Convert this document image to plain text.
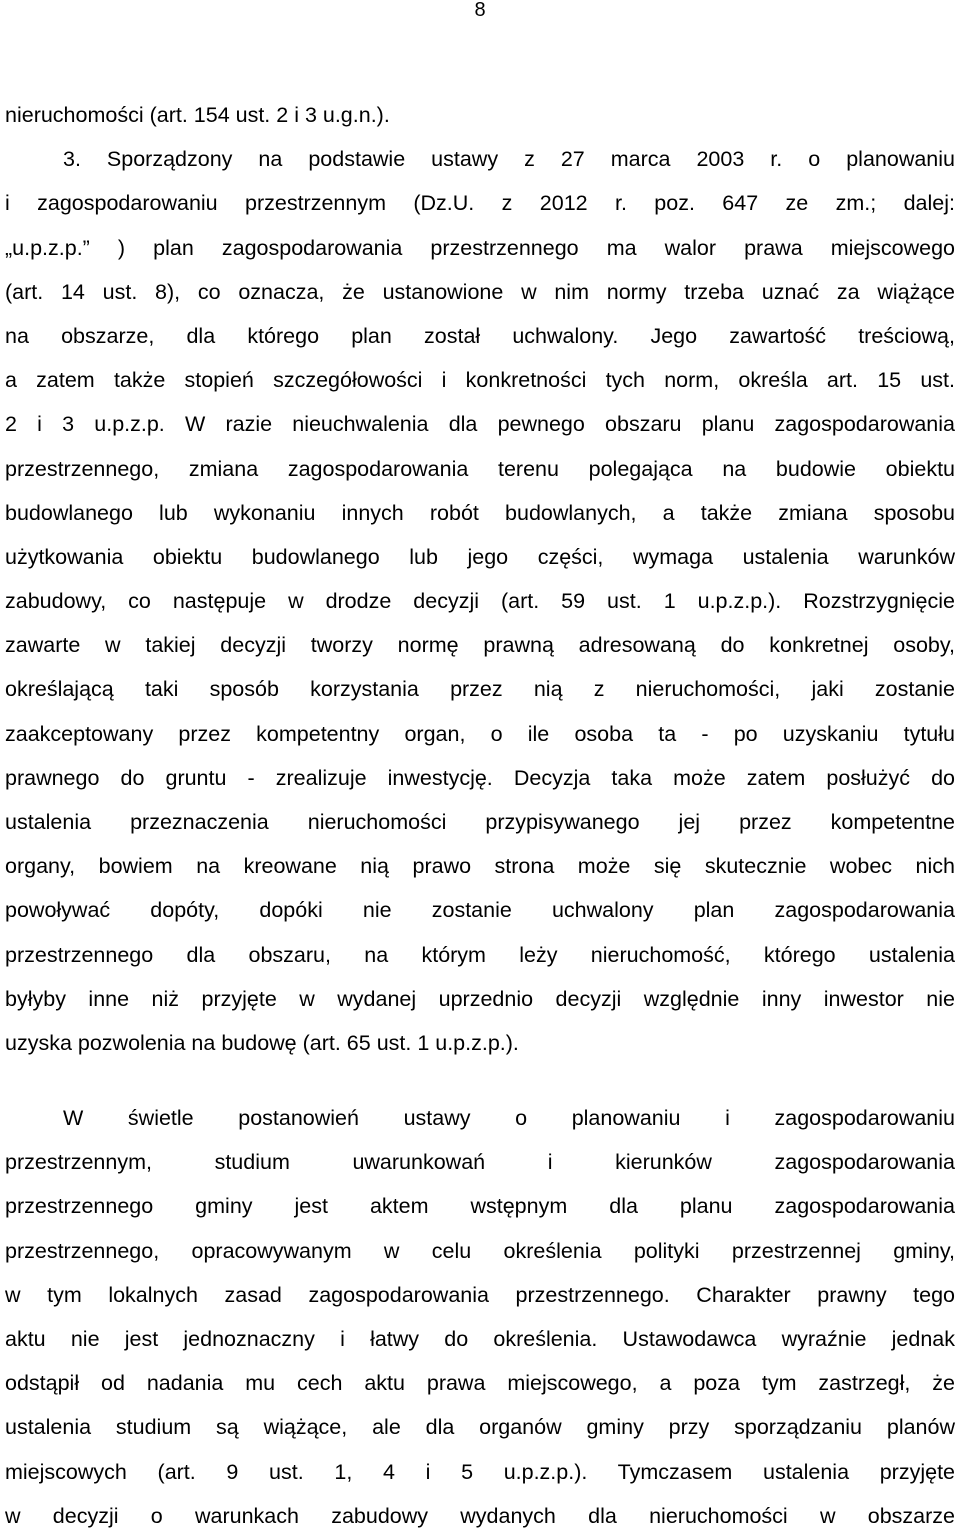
8
nieruchomości (art. 154 ust. 2 i 3 u.g.n.).
3. Sporządzony na podstawie ustawy z 27 marca 2003 r. o planowaniu
i zagospodarowaniu przestrzennym (Dz.U. z 2012 r. poz. 647 ze zm.; dalej:
„u.p.z.p.” ) plan zagospodarowania przestrzennego ma walor prawa miejscowego
(art. 14 ust. 8), co oznacza, że ustanowione w nim normy trzeba uznać za wiążące
na obszarze, dla którego plan został uchwalony. Jego zawartość treściową,
a zatem także stopień szczegółowości i konkretności tych norm, określa art. 15 ust.
2 i 3 u.p.z.p. W razie nieuchwalenia dla pewnego obszaru planu zagospodarowania
przestrzennego, zmiana zagospodarowania terenu polegająca na budowie obiektu
budowlanego lub wykonaniu innych robót budowlanych, a także zmiana sposobu
użytkowania obiektu budowlanego lub jego części, wymaga ustalenia warunków
zabudowy, co następuje w drodze decyzji (art. 59 ust. 1 u.p.z.p.). Rozstrzygnięcie
zawarte w takiej decyzji tworzy normę prawną adresowaną do konkretnej osoby,
określającą taki sposób korzystania przez nią z nieruchomości, jaki zostanie
zaakceptowany przez kompetentny organ, o ile osoba ta - po uzyskaniu tytułu
prawnego do gruntu - zrealizuje inwestycję. Decyzja taka może zatem posłużyć do
ustalenia przeznaczenia nieruchomości przypisywanego jej przez kompetentne
organy, bowiem na kreowane nią prawo strona może się skutecznie wobec nich
powoływać dopóty, dopóki nie zostanie uchwalony plan zagospodarowania
przestrzennego dla obszaru, na którym leży nieruchomość, którego ustalenia
byłyby inne niż przyjęte w wydanej uprzednio decyzji względnie inny inwestor nie
uzyska pozwolenia na budowę (art. 65 ust. 1 u.p.z.p.).
W świetle postanowień ustawy o planowaniu i zagospodarowaniu
przestrzennym, studium uwarunkowań i kierunków zagospodarowania
przestrzennego gminy jest aktem wstępnym dla planu zagospodarowania
przestrzennego, opracowywanym w celu określenia polityki przestrzennej gminy,
w tym lokalnych zasad zagospodarowania przestrzennego. Charakter prawny tego
aktu nie jest jednoznaczny i łatwy do określenia. Ustawodawca wyraźnie jednak
odstąpił od nadania mu cech aktu prawa miejscowego, a poza tym zastrzegł, że
ustalenia studium są wiążące, ale dla organów gminy przy sporządzaniu planów
miejscowych (art. 9 ust. 1, 4 i 5 u.p.z.p.). Tymczasem ustalenia przyjęte
w decyzji o warunkach zabudowy wydanych dla nieruchomości w obszarze
